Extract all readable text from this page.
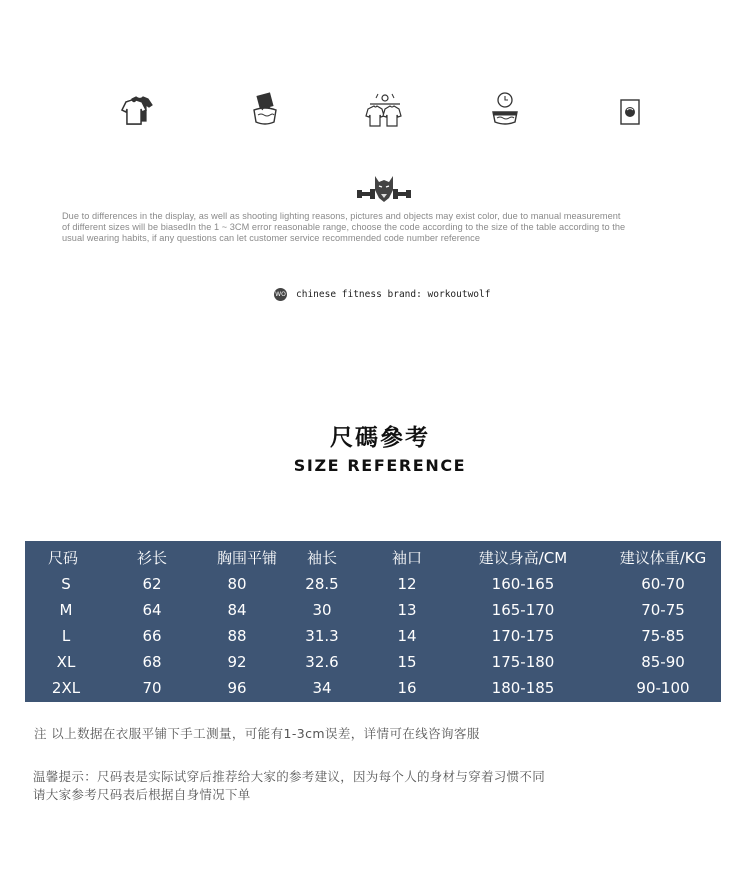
Due to differences in the display, as well as shooting lighting reasons, pictures and objects may exist color, due to manual measurement
of different sizes will be biasedIn the 1 ~ 3CM error reasonable range, choose the code according to the size of the table according to the
usual wearing habits, if any questions can let customer service recommended code number reference
WO chinese fitness brand: workoutwolf
尺碼參考
SIZE REFERENCE
尺码	衫长	胸围平铺	袖长	袖口	建议身高/CM	建议体重/KG
S	62	80	28.5	12	160-165	60-70
M	64	84	30	13	165-170	70-75
L	66	88	31.3	14	170-175	75-85
XL	68	92	32.6	15	175-180	85-90
2XL	70	96	34	16	180-185	90-100
注 以上数据在衣服平铺下手工测量，可能有1-3cm误差，详情可在线咨询客服
温馨提示：尺码表是实际试穿后推荐给大家的参考建议，因为每个人的身材与穿着习惯不同
请大家参考尺码表后根据自身情况下单
